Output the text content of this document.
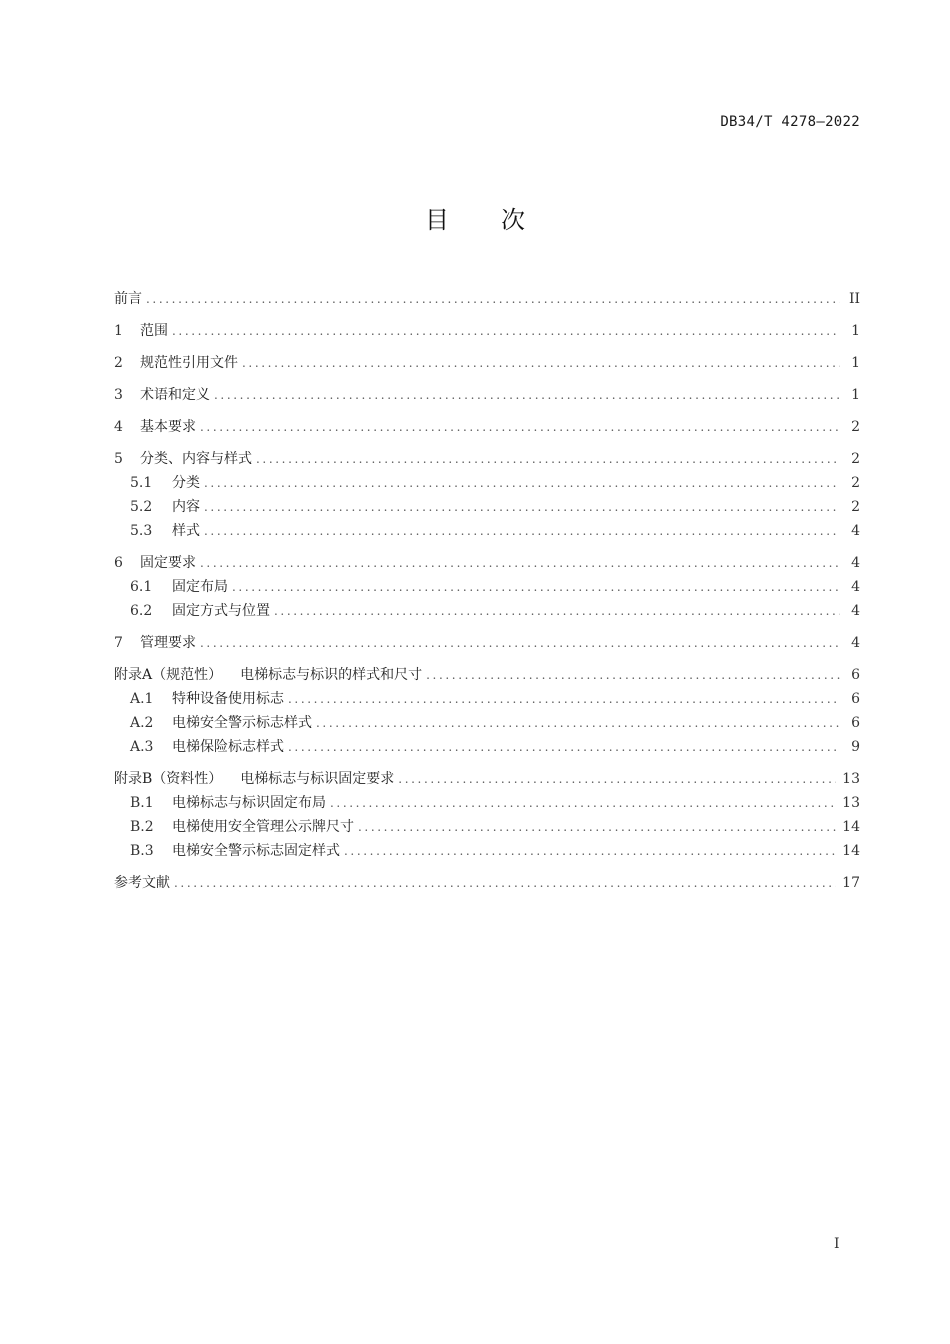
DB34/T 4278—2022
目次
前言 .....	II
1	范围 .....	1
2	规范性引用文件 .....	1
3	术语和定义 .....	1
4	基本要求 .....	2
5	分类、内容与样式 .....	2
5.1	分类 .....	2
5.2	内容 .....	2
5.3	样式 .....	4
6	固定要求 .....	4
6.1	固定布局 .....	4
6.2	固定方式与位置 .....	4
7	管理要求 .....	4
附录A（规范性） 电梯标志与标识的样式和尺寸 .....	6
A.1	特种设备使用标志 .....	6
A.2	电梯安全警示标志样式 .....	6
A.3	电梯保险标志样式 .....	9
附录B（资料性） 电梯标志与标识固定要求 .....	13
B.1	电梯标志与标识固定布局 .....	13
B.2	电梯使用安全管理公示牌尺寸 .....	14
B.3	电梯安全警示标志固定样式 .....	14
参考文献 .....	17
I
